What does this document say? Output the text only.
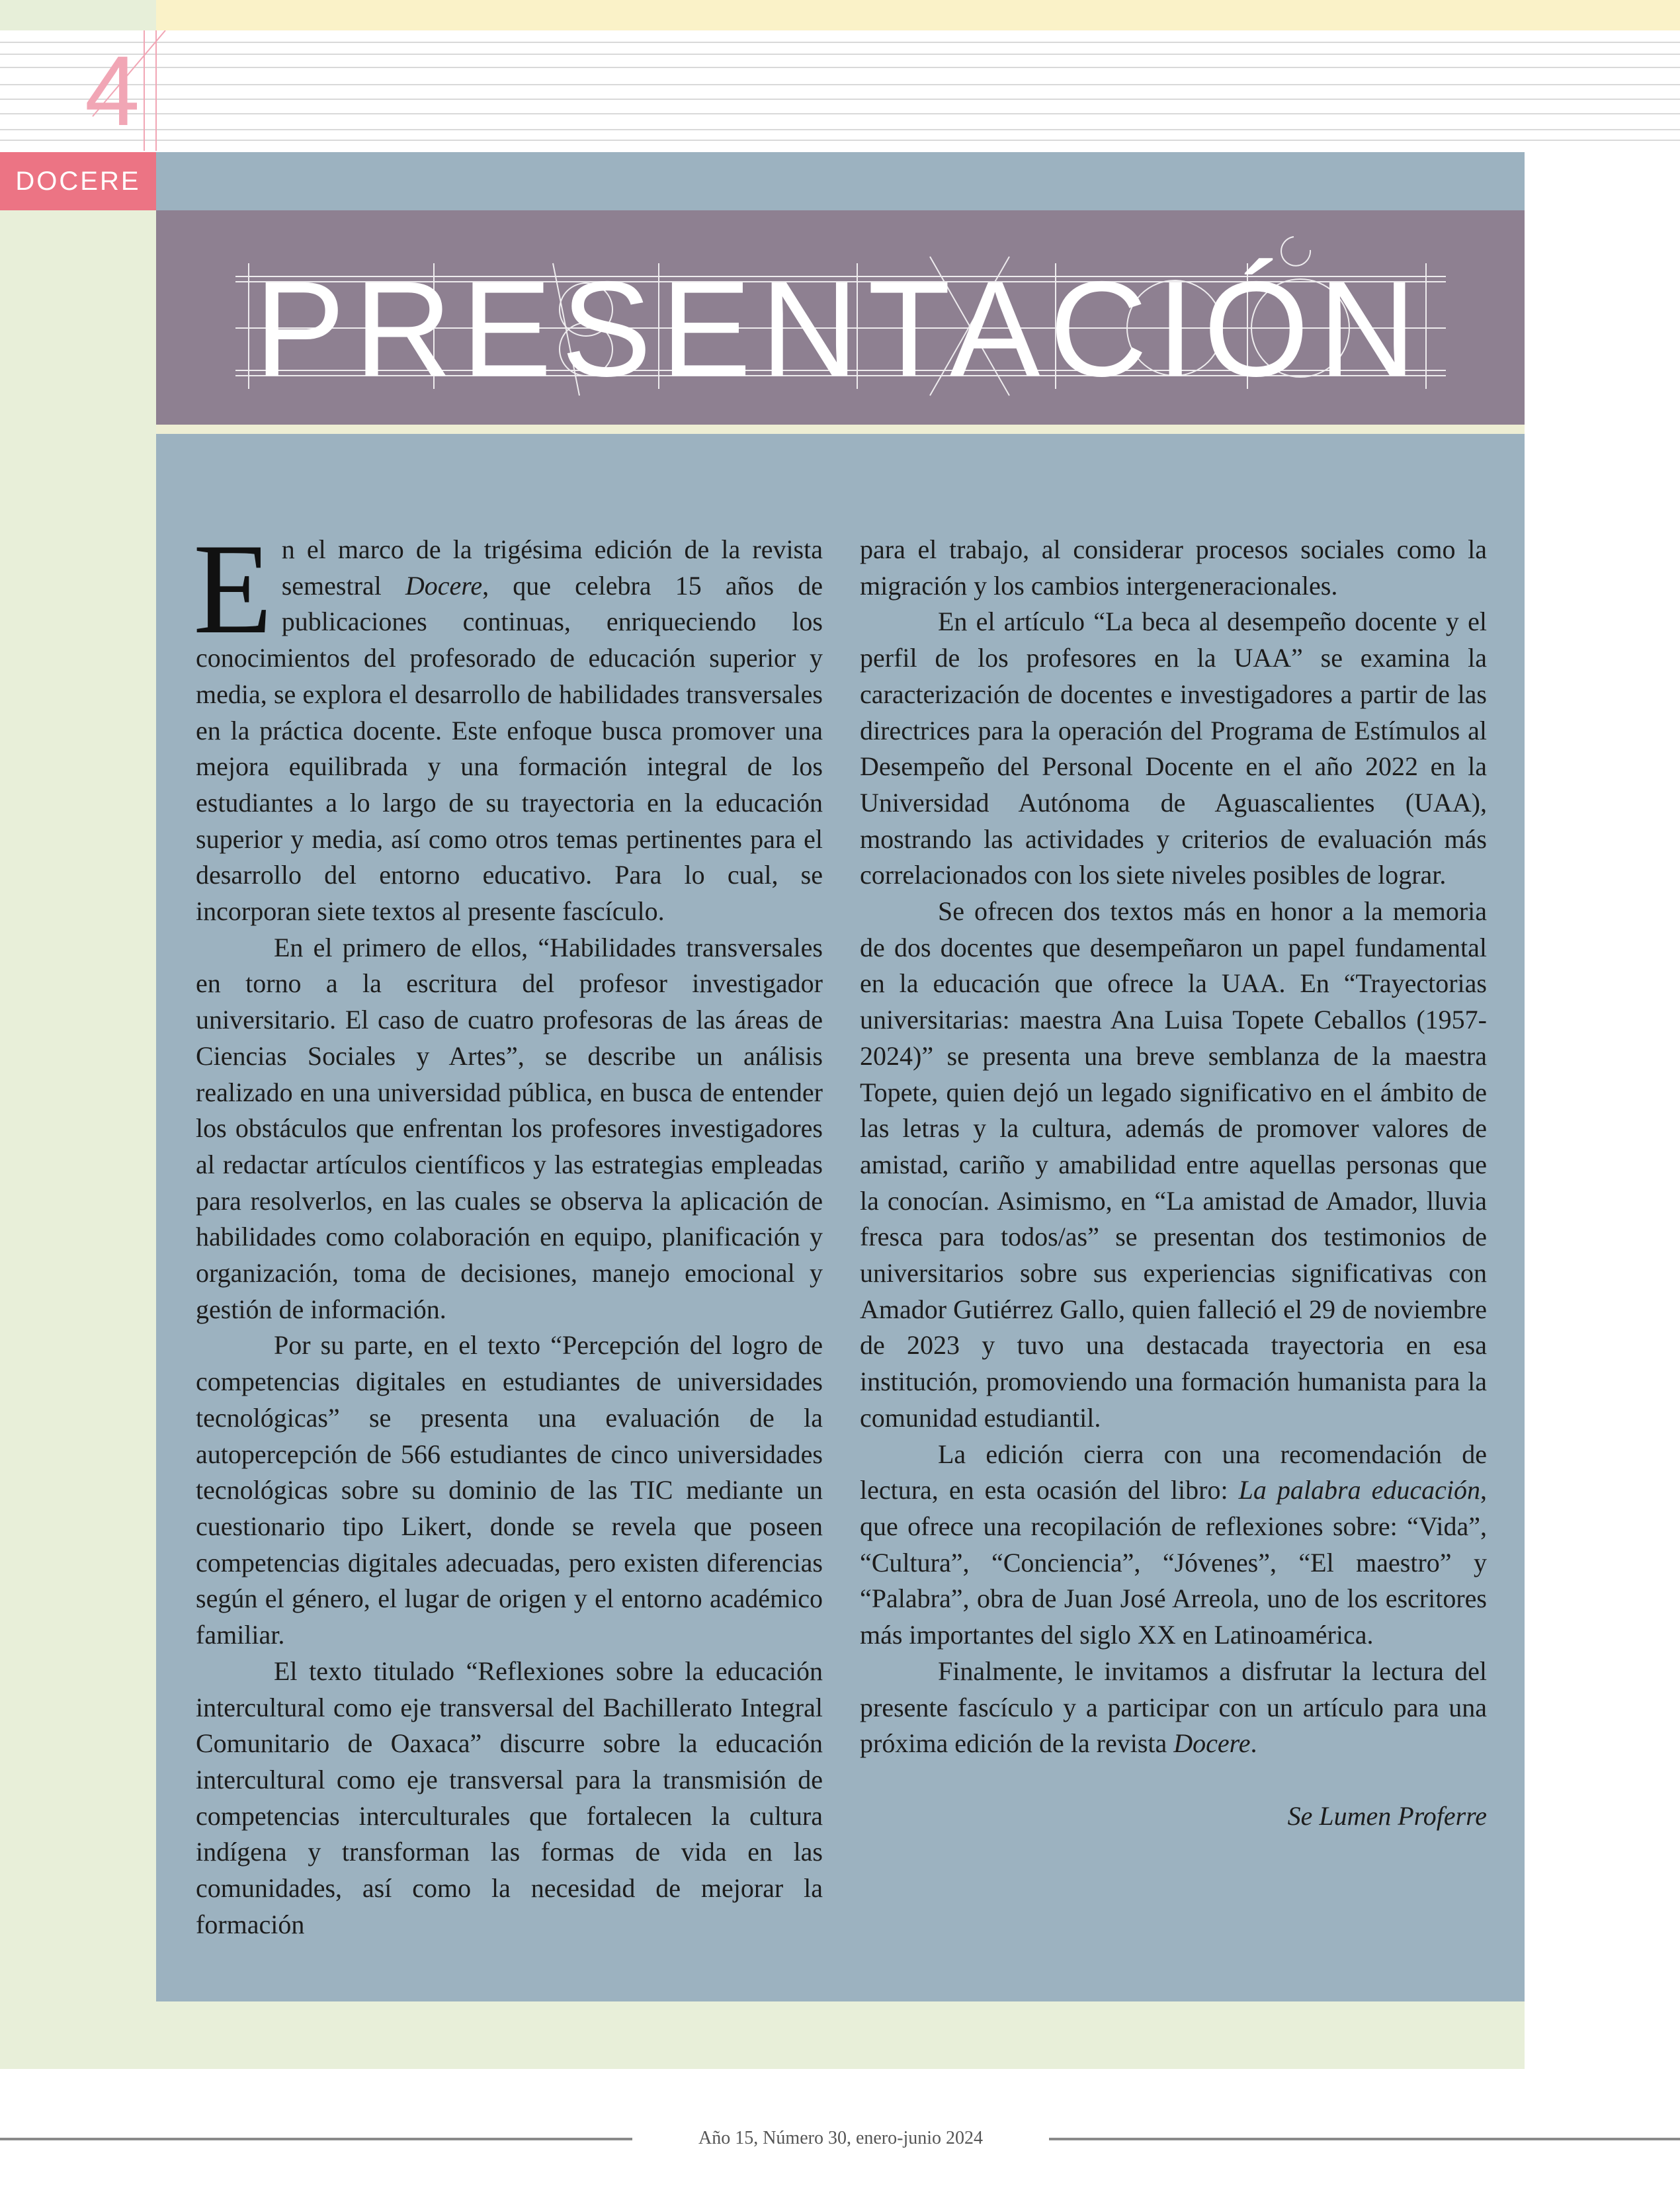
4
DOCERE
PRESENTACIÓN

En el marco de la trigésima edición de la revista semestral Docere, que celebra 15 años de publicaciones continuas, enriqueciendo los conocimientos del profesorado de educación superior y media, se explora el desarrollo de habilidades transversales en la práctica docente. Este enfoque busca promover una mejora equilibrada y una formación integral de los estudiantes a lo largo de su trayectoria en la educación superior y media, así como otros temas pertinentes para el desarrollo del entorno educativo. Para lo cual, se incorporan siete textos al presente fascículo.

En el primero de ellos, “Habilidades transversales en torno a la escritura del profesor investigador universitario. El caso de cuatro profesoras de las áreas de Ciencias Sociales y Artes”, se describe un análisis realizado en una universidad pública, en busca de entender los obstáculos que enfrentan los profesores investigadores al redactar artículos científicos y las estrategias empleadas para resolverlos, en las cuales se observa la aplicación de habilidades como colaboración en equipo, planificación y organización, toma de decisiones, manejo emocional y gestión de información.

Por su parte, en el texto “Percepción del logro de competencias digitales en estudiantes de universidades tecnológicas” se presenta una evaluación de la autopercepción de 566 estudiantes de cinco universidades tecnológicas sobre su dominio de las TIC mediante un cuestionario tipo Likert, donde se revela que poseen competencias digitales adecuadas, pero existen diferencias según el género, el lugar de origen y el entorno académico familiar.

El texto titulado “Reflexiones sobre la educación intercultural como eje transversal del Bachillerato Integral Comunitario de Oaxaca” discurre sobre la educación intercultural como eje transversal para la transmisión de competencias interculturales que fortalecen la cultura indígena y transforman las formas de vida en las comunidades, así como la necesidad de mejorar la formación

para el trabajo, al considerar procesos sociales como la migración y los cambios intergeneracionales.

En el artículo “La beca al desempeño docente y el perfil de los profesores en la UAA” se examina la caracterización de docentes e investigadores a partir de las directrices para la operación del Programa de Estímulos al Desempeño del Personal Docente en el año 2022 en la Universidad Autónoma de Aguascalientes (UAA), mostrando las actividades y criterios de evaluación más correlacionados con los siete niveles posibles de lograr.

Se ofrecen dos textos más en honor a la memoria de dos docentes que desempeñaron un papel fundamental en la educación que ofrece la UAA. En “Trayectorias universitarias: maestra Ana Luisa Topete Ceballos (1957-2024)” se presenta una breve semblanza de la maestra Topete, quien dejó un legado significativo en el ámbito de las letras y la cultura, además de promover valores de amistad, cariño y amabilidad entre aquellas personas que la conocían. Asimismo, en “La amistad de Amador, lluvia fresca para todos/as” se presentan dos testimonios de universitarios sobre sus experiencias significativas con Amador Gutiérrez Gallo, quien falleció el 29 de noviembre de 2023 y tuvo una destacada trayectoria en esa institución, promoviendo una formación humanista para la comunidad estudiantil.

La edición cierra con una recomendación de lectura, en esta ocasión del libro: La palabra educación, que ofrece una recopilación de reflexiones sobre: “Vida”, “Cultura”, “Conciencia”, “Jóvenes”, “El maestro” y “Palabra”, obra de Juan José Arreola, uno de los escritores más importantes del siglo XX en Latinoamérica.

Finalmente, le invitamos a disfrutar la lectura del presente fascículo y a participar con un artículo para una próxima edición de la revista Docere.

Se Lumen Proferre

Año 15, Número 30, enero-junio 2024
